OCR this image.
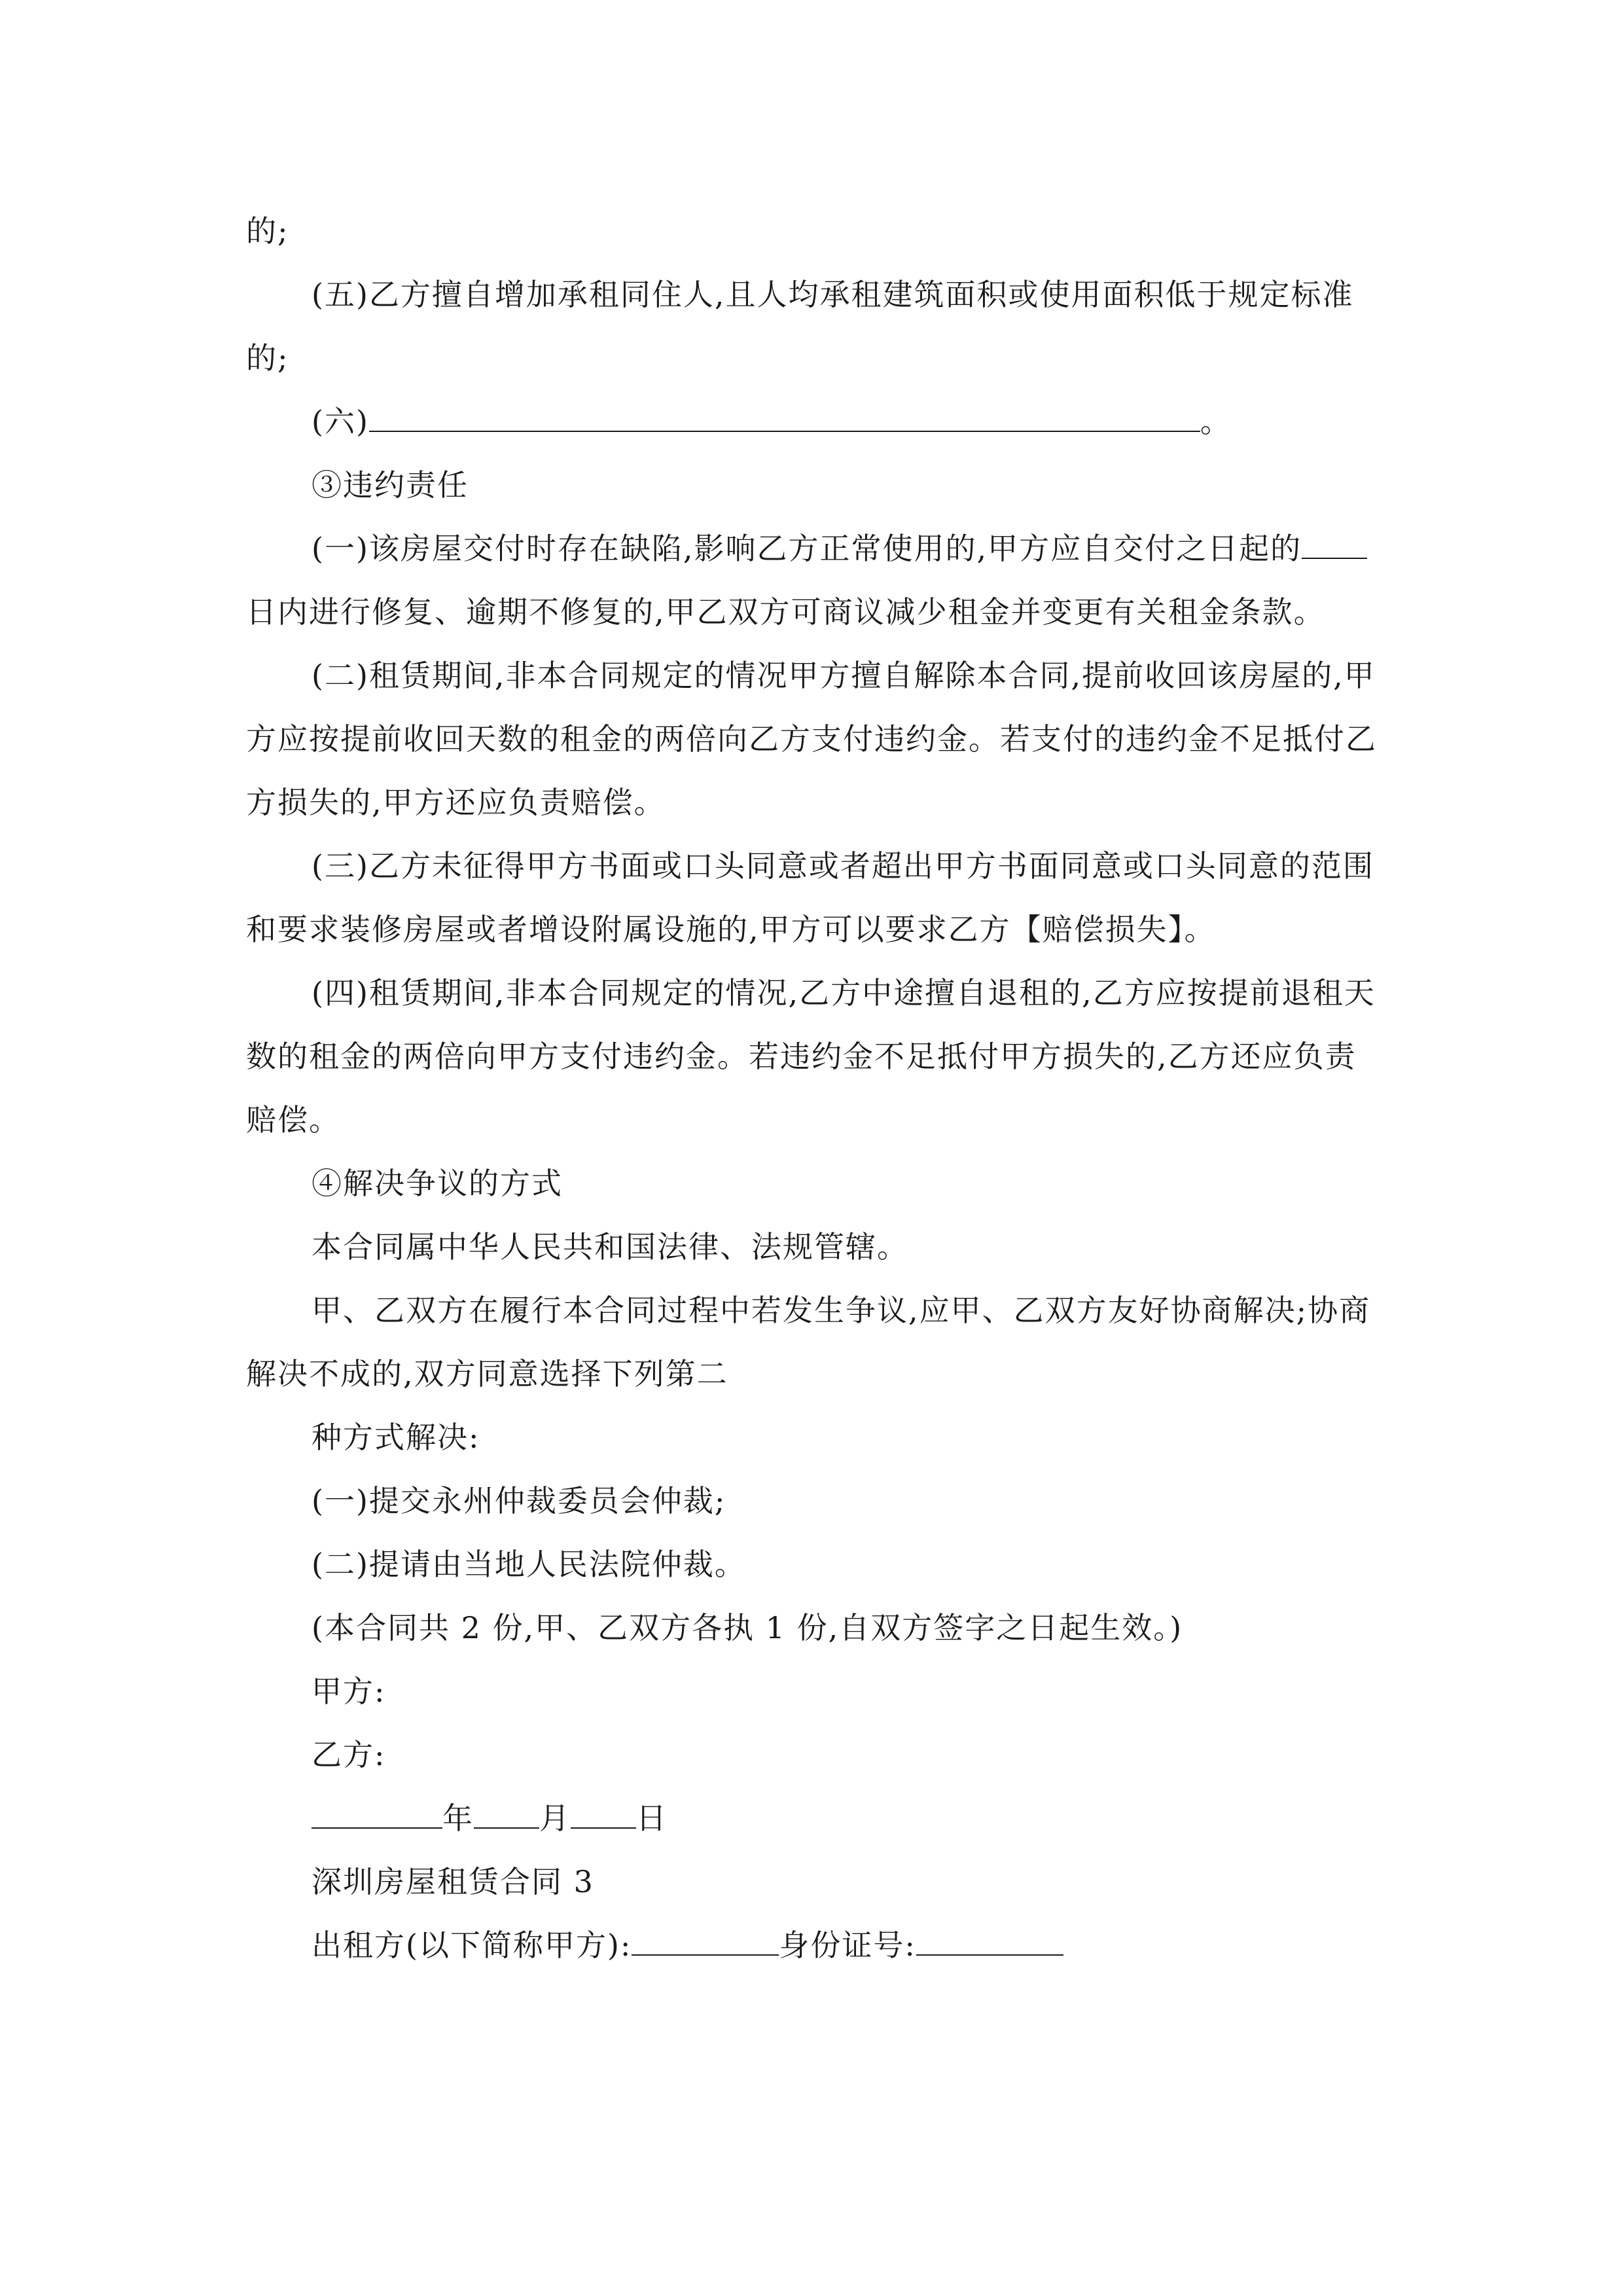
的;

(五)乙方擅自增加承租同住人,且人均承租建筑面积或使用面积低于规定标准的;

(六)	。

③违约责任

(一)该房屋交付时存在缺陷,影响乙方正常使用的,甲方应自交付之日起的日内进行修复、逾期不修复的,甲乙双方可商议减少租金并变更有关租金条款。

(二)租赁期间,非本合同规定的情况甲方擅自解除本合同,提前收回该房屋的,甲方应按提前收回天数的租金的两倍向乙方支付违约金。若支付的违约金不足抵付乙方损失的,甲方还应负责赔偿。

(三)乙方未征得甲方书面或口头同意或者超出甲方书面同意或口头同意的范围和要求装修房屋或者增设附属设施的,甲方可以要求乙方【赔偿损失】。

(四)租赁期间,非本合同规定的情况,乙方中途擅自退租的,乙方应按提前退租天数的租金的两倍向甲方支付违约金。若违约金不足抵付甲方损失的,乙方还应负责赔偿。

④解决争议的方式

本合同属中华人民共和国法律、法规管辖。

甲、乙双方在履行本合同过程中若发生争议,应甲、乙双方友好协商解决;协商解决不成的,双方同意选择下列第二

种方式解决:

(一)提交永州仲裁委员会仲裁;

(二)提请由当地人民法院仲裁。

(本合同共 2 份,甲、乙双方各执 1 份,自双方签字之日起生效。)

甲方:

乙方:

年 月 日

深圳房屋租赁合同 3

出租方(以下简称甲方):	身份证号:
